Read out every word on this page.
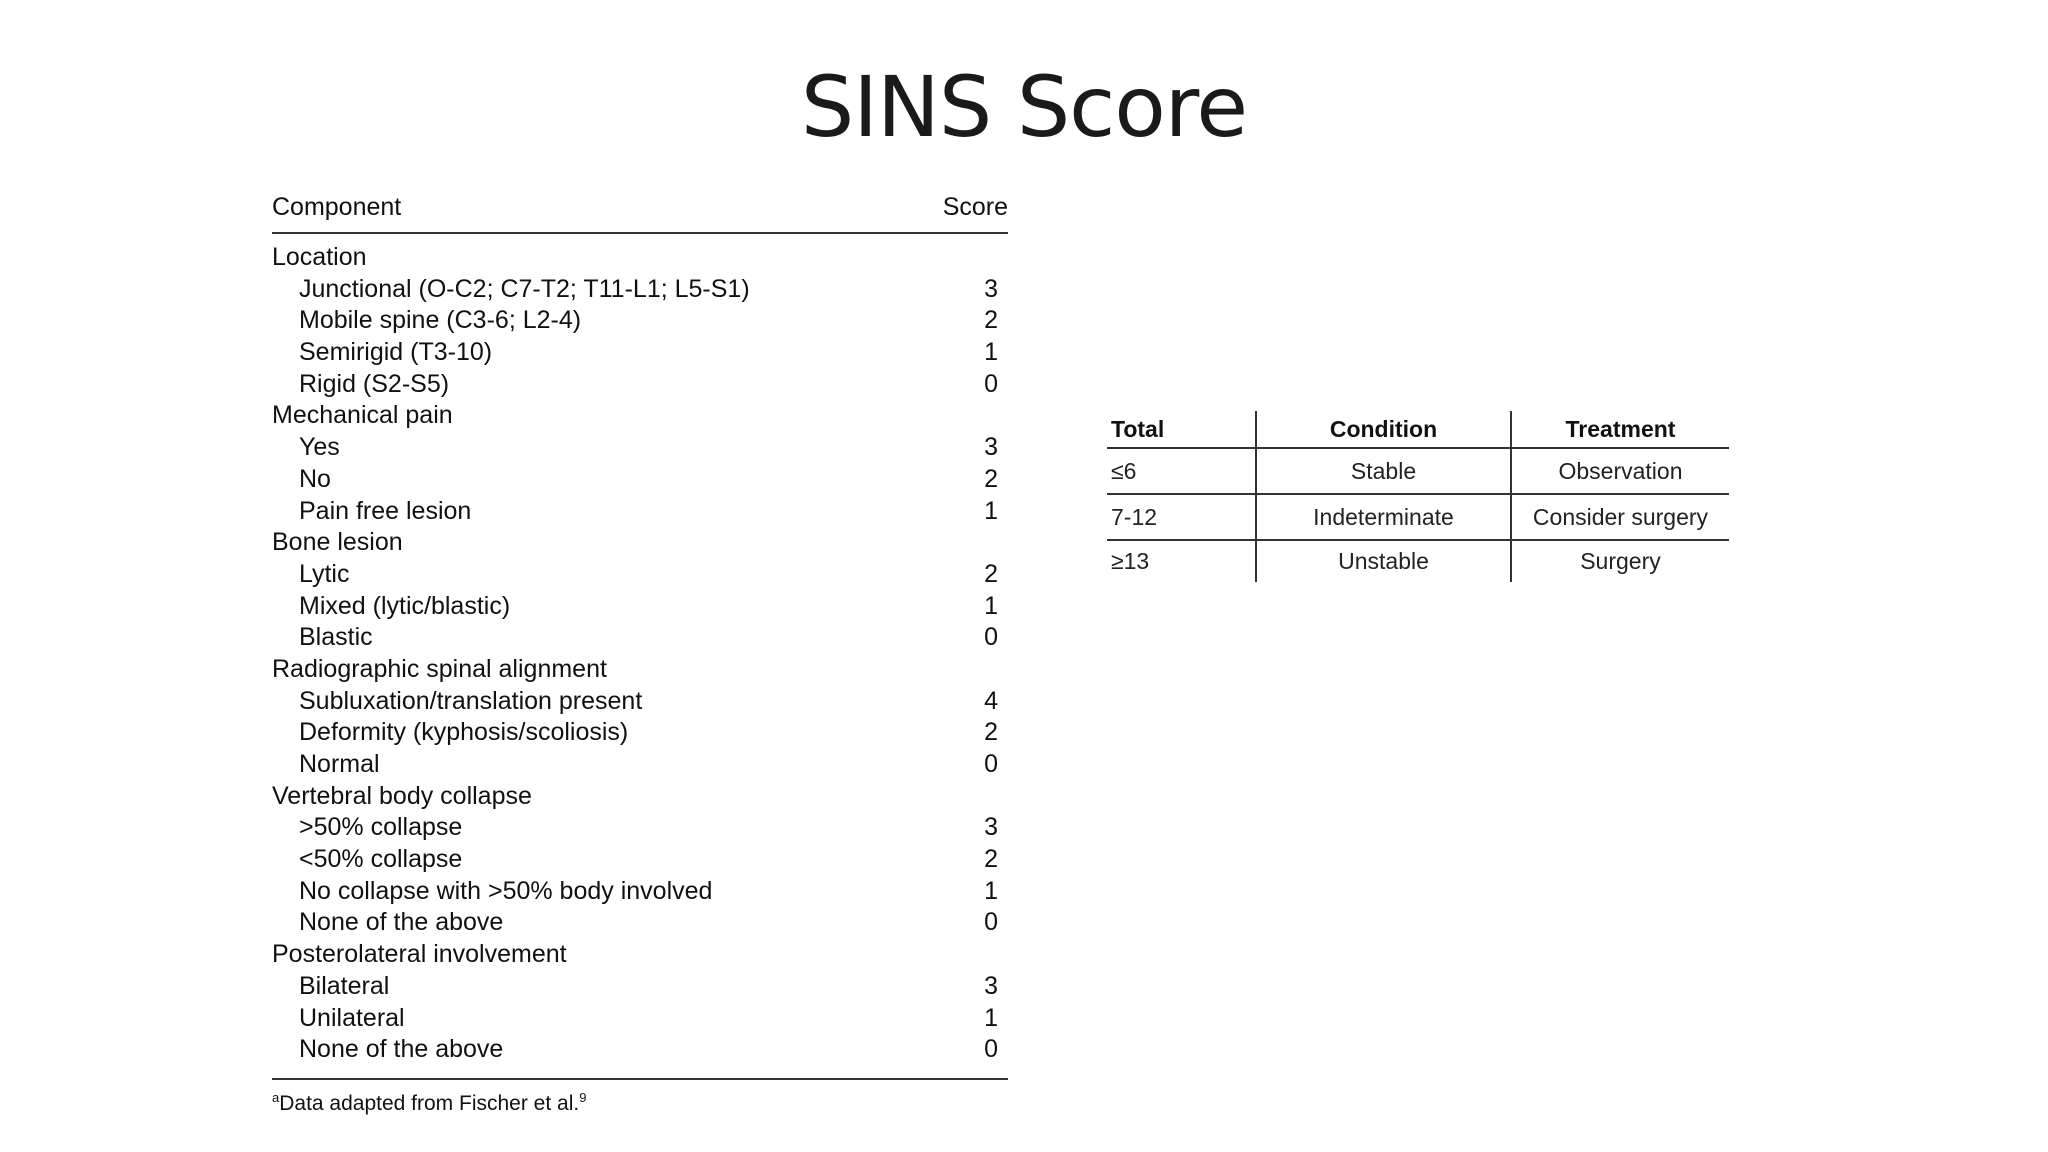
SINS Score
Component	Score
Location
Junctional (O-C2; C7-T2; T11-L1; L5-S1)	3
Mobile spine (C3-6; L2-4)	2
Semirigid (T3-10)	1
Rigid (S2-S5)	0
Mechanical pain
Yes	3
No	2
Pain free lesion	1
Bone lesion
Lytic	2
Mixed (lytic/blastic)	1
Blastic	0
Radiographic spinal alignment
Subluxation/translation present	4
Deformity (kyphosis/scoliosis)	2
Normal	0
Vertebral body collapse
>50% collapse	3
<50% collapse	2
No collapse with >50% body involved	1
None of the above	0
Posterolateral involvement
Bilateral	3
Unilateral	1
None of the above	0
$^a$Data adapted from Fischer et al.$^9$
Total	Condition	Treatment
≤6	Stable	Observation
7-12	Indeterminate	Consider surgery
≥13	Unstable	Surgery
